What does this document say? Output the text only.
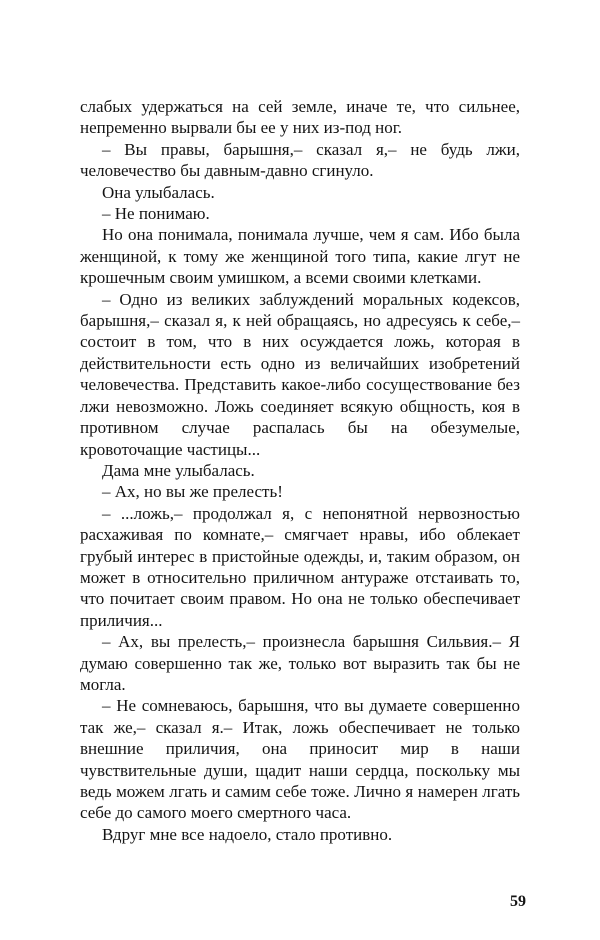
слабых удержаться на сей земле, иначе те, что сильнее, непременно вырвали бы ее у них из-под ног.

– Вы правы, барышня,– сказал я,– не будь лжи, человечество бы давным-давно сгинуло.

Она улыбалась.

– Не понимаю.

Но она понимала, понимала лучше, чем я сам. Ибо была женщиной, к тому же женщиной того типа, какие лгут не крошечным своим умишком, а всеми своими клетками.

– Одно из великих заблуждений моральных кодексов, барышня,– сказал я, к ней обращаясь, но адресуясь к себе,– состоит в том, что в них осуждается ложь, которая в действительности есть одно из величайших изобретений человечества. Представить какое-либо сосуществование без лжи невозможно. Ложь соединяет всякую общность, коя в противном случае распалась бы на обезумелые, кровоточащие частицы...

Дама мне улыбалась.

– Ах, но вы же прелесть!

– ...ложь,– продолжал я, с непонятной нервозностью расхаживая по комнате,– смягчает нравы, ибо облекает грубый интерес в пристойные одежды, и, таким образом, он может в относительно приличном антураже отстаивать то, что почитает своим правом. Но она не только обеспечивает приличия...

– Ах, вы прелесть,– произнесла барышня Сильвия.– Я думаю совершенно так же, только вот выразить так бы не могла.

– Не сомневаюсь, барышня, что вы думаете совершенно так же,– сказал я.– Итак, ложь обеспечивает не только внешние приличия, она приносит мир в наши чувствительные души, щадит наши сердца, поскольку мы ведь можем лгать и самим себе тоже. Лично я намерен лгать себе до самого моего смертного часа.

Вдруг мне все надоело, стало противно.

59
